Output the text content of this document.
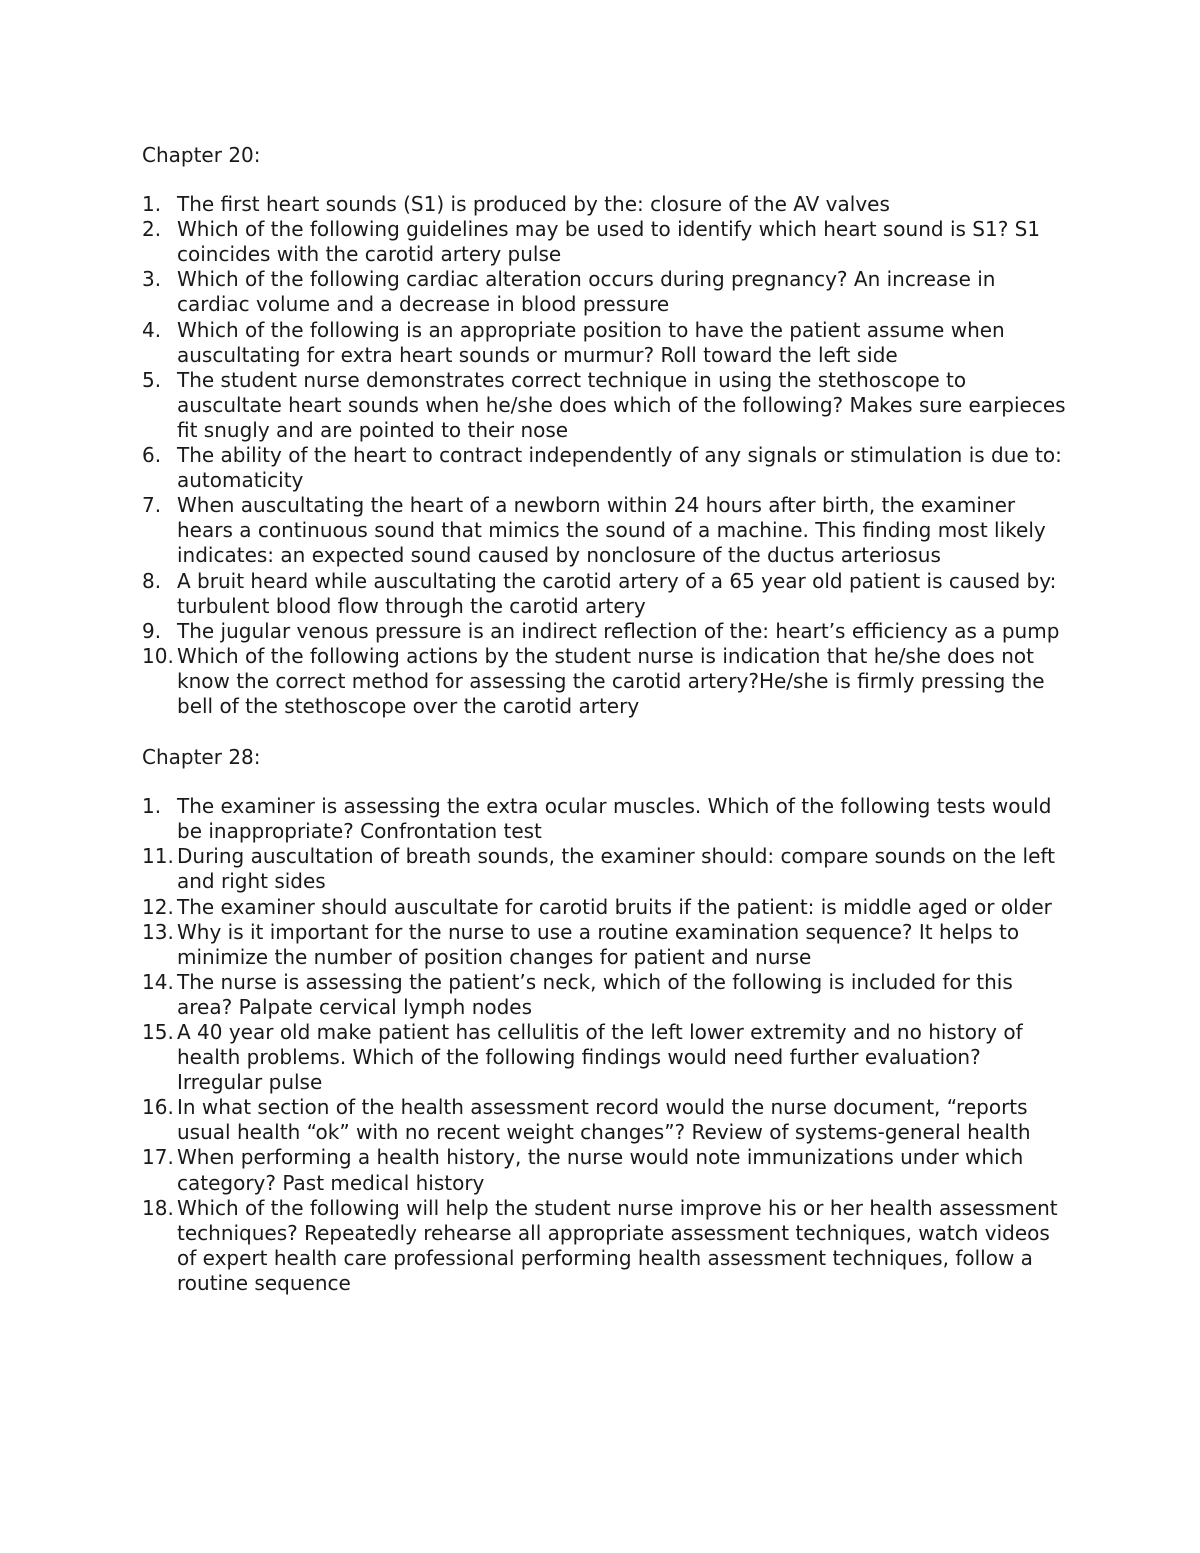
Chapter 20:
1. The first heart sounds (S1) is produced by the: closure of the AV valves
2. Which of the following guidelines may be used to identify which heart sound is S1? S1 coincides with the carotid artery pulse
3. Which of the following cardiac alteration occurs during pregnancy? An increase in cardiac volume and a decrease in blood pressure
4. Which of the following is an appropriate position to have the patient assume when auscultating for extra heart sounds or murmur? Roll toward the left side
5. The student nurse demonstrates correct technique in using the stethoscope to auscultate heart sounds when he/she does which of the following? Makes sure earpieces fit snugly and are pointed to their nose
6. The ability of the heart to contract independently of any signals or stimulation is due to: automaticity
7. When auscultating the heart of a newborn within 24 hours after birth, the examiner hears a continuous sound that mimics the sound of a machine. This finding most likely indicates: an expected sound caused by nonclosure of the ductus arteriosus
8. A bruit heard while auscultating the carotid artery of a 65 year old patient is caused by: turbulent blood flow through the carotid artery
9. The jugular venous pressure is an indirect reflection of the: heart’s efficiency as a pump
10. Which of the following actions by the student nurse is indication that he/she does not know the correct method for assessing the carotid artery?He/she is firmly pressing the bell of the stethoscope over the carotid artery
Chapter 28:
1. The examiner is assessing the extra ocular muscles. Which of the following tests would be inappropriate? Confrontation test
11. During auscultation of breath sounds, the examiner should: compare sounds on the left and right sides
12. The examiner should auscultate for carotid bruits if the patient: is middle aged or older
13. Why is it important for the nurse to use a routine examination sequence? It helps to minimize the number of position changes for patient and nurse
14. The nurse is assessing the patient’s neck, which of the following is included for this area? Palpate cervical lymph nodes
15. A 40 year old make patient has cellulitis of the left lower extremity and no history of health problems. Which of the following findings would need further evaluation? Irregular pulse
16. In what section of the health assessment record would the nurse document, “reports usual health “ok” with no recent weight changes”? Review of systems-general health
17. When performing a health history, the nurse would note immunizations under which category? Past medical history
18. Which of the following will help the student nurse improve his or her health assessment techniques? Repeatedly rehearse all appropriate assessment techniques, watch videos of expert health care professional performing health assessment techniques, follow a routine sequence
